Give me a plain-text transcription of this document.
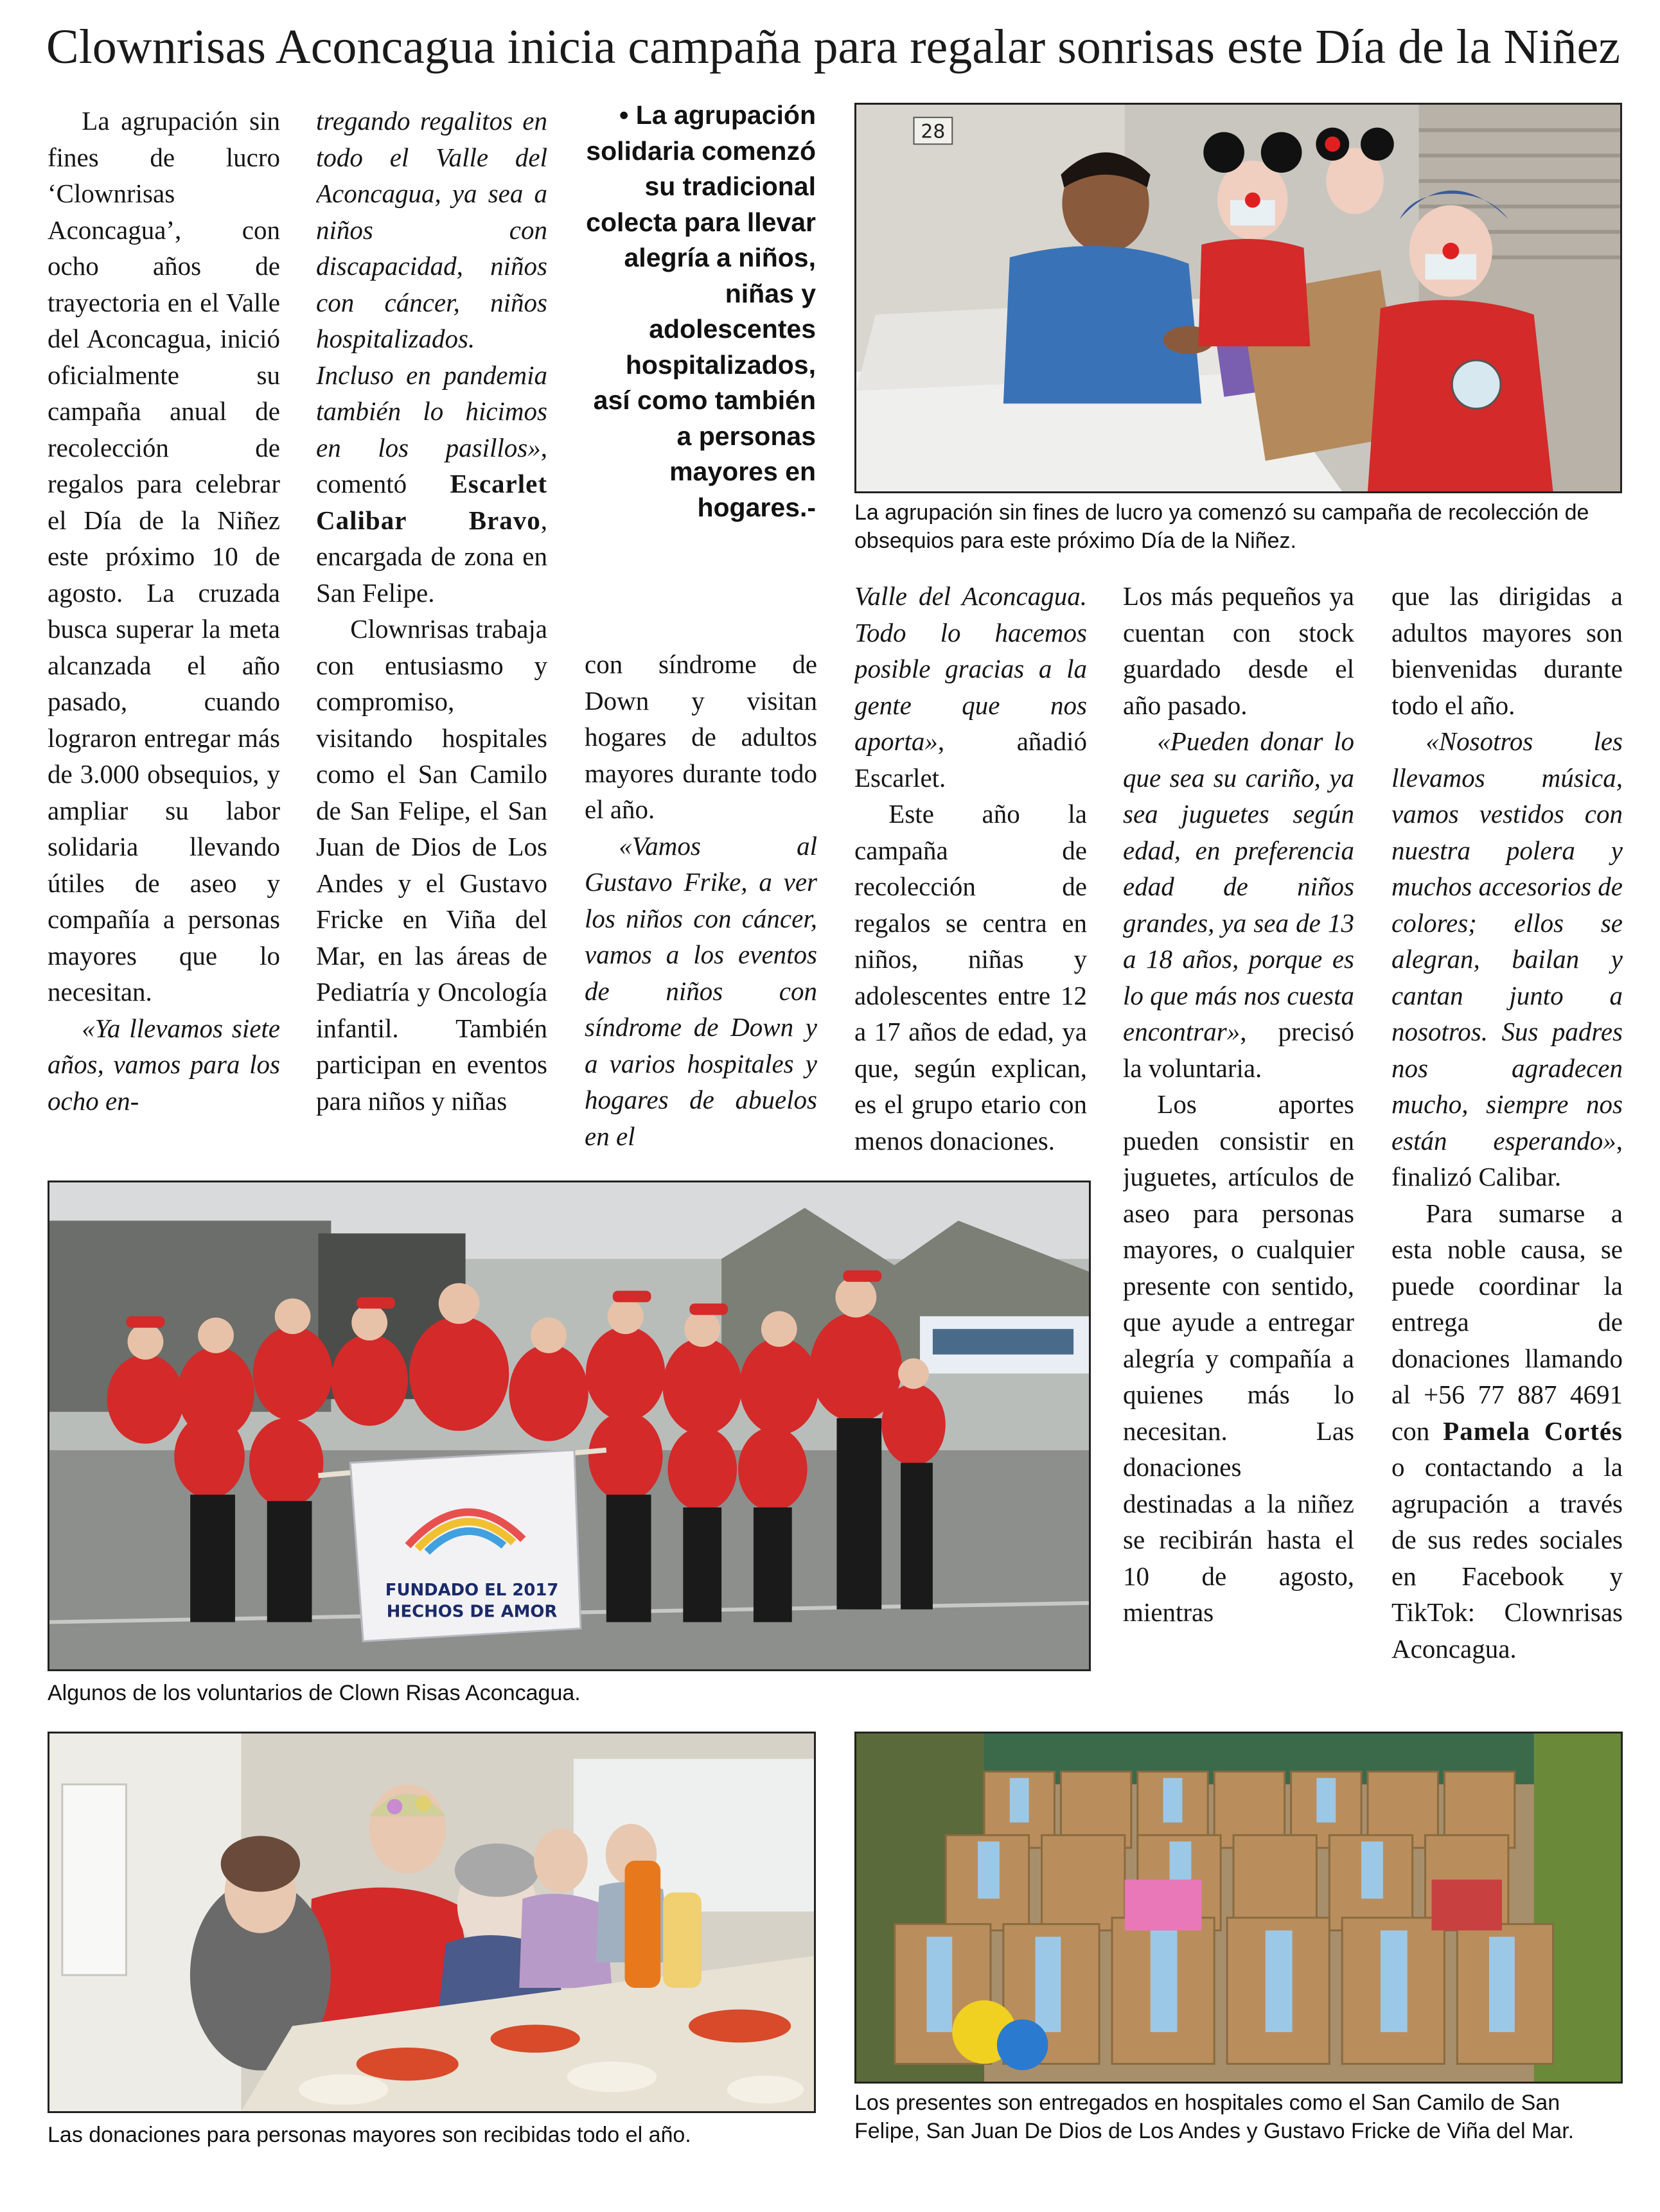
Clownrisas Aconcagua inicia campaña para regalar sonrisas este Día de la Niñez

La agrupación sin fines de lucro ‘Clownrisas Aconcagua’, con ocho años de trayectoria en el Valle del Aconcagua, inició oficialmente su campaña anual de recolección de regalos para celebrar el Día de la Niñez este próximo 10 de agosto. La cruzada busca superar la meta alcanzada el año pasado, cuando lograron entregar más de 3.000 obsequios, y ampliar su labor solidaria llevando útiles de aseo y compañía a personas mayores que lo necesitan.

«Ya llevamos siete años, vamos para los ocho en-

tregando regalitos en todo el Valle del Aconcagua, ya sea a niños con discapacidad, niños con cáncer, niños hospitalizados. Incluso en pandemia también lo hicimos en los pasillos», comentó Escarlet Calibar Bravo, encargada de zona en San Felipe.

Clownrisas trabaja con entusiasmo y compromiso, visitando hospitales como el San Camilo de San Felipe, el San Juan de Dios de Los Andes y el Gustavo Fricke en Viña del Mar, en las áreas de Pediatría y Oncología infantil. También participan en eventos para niños y niñas

• La agrupación solidaria comenzó su tradicional colecta para llevar alegría a niños, niñas y adolescentes hospitalizados, así como también a personas mayores en hogares.-

con síndrome de Down y visitan hogares de adultos mayores durante todo el año.

«Vamos al Gustavo Frike, a ver los niños con cáncer, vamos a los eventos de niños con síndrome de Down y a varios hospitales y hogares de abuelos en el

28

La agrupación sin fines de lucro ya comenzó su campaña de recolección de obsequios para este próximo Día de la Niñez.

Valle del Aconcagua. Todo lo hacemos posible gracias a la gente que nos aporta», añadió Escarlet.

Este año la campaña de recolección de regalos se centra en niños, niñas y adolescentes entre 12 a 17 años de edad, ya que, según explican, es el grupo etario con menos donaciones.

Los más pequeños ya cuentan con stock guardado desde el año pasado.

«Pueden donar lo que sea su cariño, ya sea juguetes según edad, en preferencia edad de niños grandes, ya sea de 13 a 18 años, porque es lo que más nos cuesta encontrar», precisó la voluntaria.

Los aportes pueden consistir en juguetes, artículos de aseo para personas mayores, o cualquier presente con sentido, que ayude a entregar alegría y compañía a quienes más lo necesitan. Las donaciones destinadas a la niñez se recibirán hasta el 10 de agosto, mientras

que las dirigidas a adultos mayores son bienvenidas durante todo el año.

«Nosotros les llevamos música, vamos vestidos con nuestra polera y muchos accesorios de colores; ellos se alegran, bailan y cantan junto a nosotros. Sus padres nos agradecen mucho, siempre nos están esperando», finalizó Calibar.

Para sumarse a esta noble causa, se puede coordinar la entrega de donaciones llamando al +56 77 887 4691 con Pamela Cortés o contactando a la agrupación a través de sus redes sociales en Facebook y TikTok: Clownrisas Aconcagua.

FUNDADO EL 2017
HECHOS DE AMOR

Algunos de los voluntarios de Clown Risas Aconcagua.

Las donaciones para personas mayores son recibidas todo el año.

Los presentes son entregados en hospitales como el San Camilo de San Felipe, San Juan De Dios de Los Andes y Gustavo Fricke de Viña del Mar.
